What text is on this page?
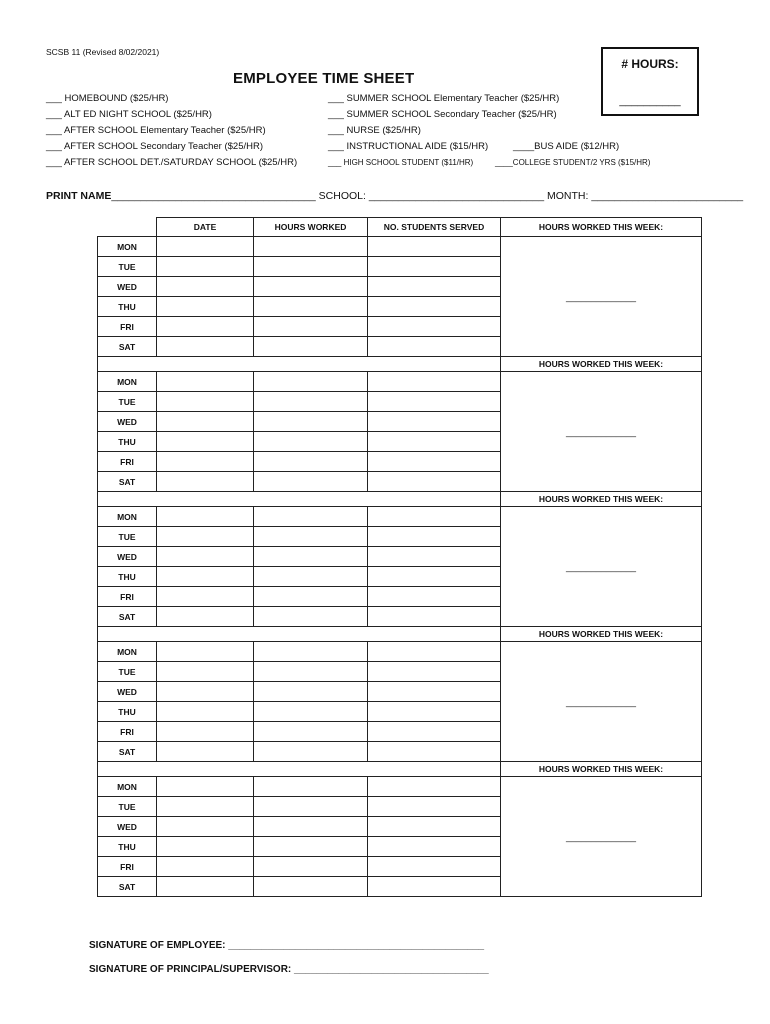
SCSB 11 (Revised 8/02/2021)
EMPLOYEE TIME SHEET
# HOURS:
__________
___ HOMEBOUND ($25/HR)
___ ALT ED NIGHT SCHOOL ($25/HR)
___ AFTER SCHOOL Elementary Teacher ($25/HR)
___ AFTER SCHOOL Secondary Teacher ($25/HR)
___ AFTER SCHOOL DET./SATURDAY SCHOOL ($25/HR)
___ SUMMER SCHOOL Elementary Teacher ($25/HR)
___ SUMMER SCHOOL Secondary Teacher ($25/HR)
___ NURSE ($25/HR)
___ INSTRUCTIONAL AIDE ($15/HR)
___ HIGH SCHOOL STUDENT ($11/HR)
____BUS AIDE ($12/HR)
____COLLEGE STUDENT/2 YRS ($15/HR)
PRINT NAME___________________________________ SCHOOL: ______________________________ MONTH: __________________________
	DATE	HOURS WORKED	NO. STUDENTS SERVED	HOURS WORKED THIS WEEK:
MON				______________

TUE				
WED				
THU				
FRI				
SAT				
				HOURS WORKED THIS WEEK:
MON				______________

TUE				
WED				
THU				
FRI				
SAT				
				HOURS WORKED THIS WEEK:
MON				______________

TUE				
WED				
THU				
FRI				
SAT				
				HOURS WORKED THIS WEEK:
MON				______________

TUE				
WED				
THU				
FRI				
SAT				
				HOURS WORKED THIS WEEK:
MON				______________

TUE				
WED				
THU				
FRI				
SAT				
SIGNATURE OF EMPLOYEE: ______________________________________________
SIGNATURE OF PRINCIPAL/SUPERVISOR: ___________________________________
